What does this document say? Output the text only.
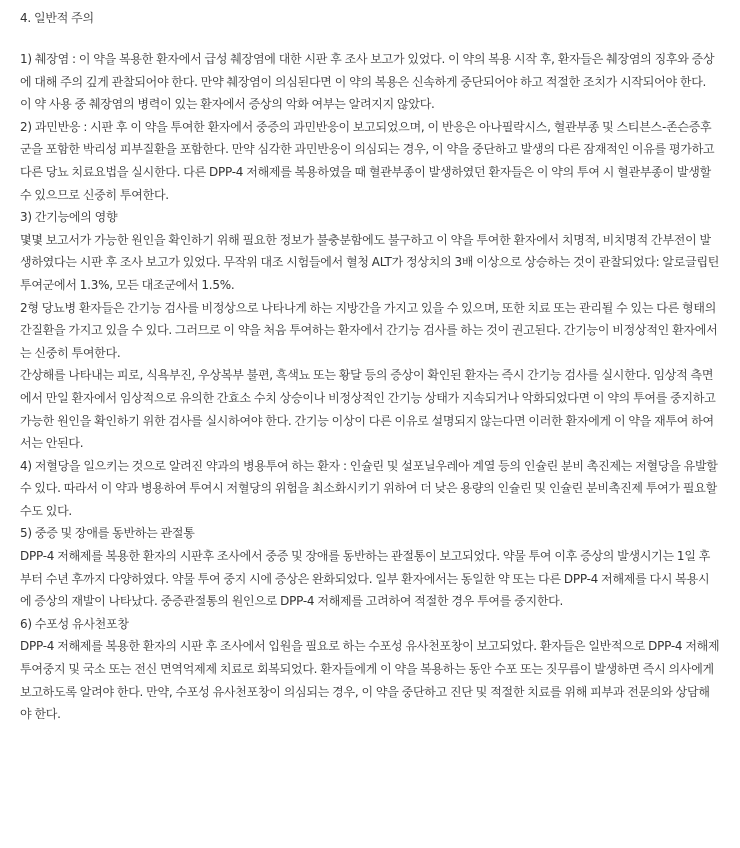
4. 일반적 주의

1) 췌장염 : 이 약을 복용한 환자에서 급성 췌장염에 대한 시판 후 조사 보고가 있었다. 이 약의 복용 시작 후, 환자들은 췌장염의 징후와 증상에 대해 주의 깊게 관찰되어야 한다. 만약 췌장염이 의심된다면 이 약의 복용은 신속하게 중단되어야 하고 적절한 조치가 시작되어야 한다. 이 약 사용 중 췌장염의 병력이 있는 환자에서 증상의 악화 여부는 알려지지 않았다.

2) 과민반응 : 시판 후 이 약을 투여한 환자에서 중증의 과민반응이 보고되었으며, 이 반응은 아나필락시스, 혈관부종 및 스티븐스-존슨증후군을 포함한 박리성 피부질환을 포함한다. 만약 심각한 과민반응이 의심되는 경우, 이 약을 중단하고 발생의 다른 잠재적인 이유를 평가하고 다른 당뇨 치료요법을 실시한다. 다른 DPP-4 저해제를 복용하였을 때 혈관부종이 발생하였던 환자들은 이 약의 투여 시 혈관부종이 발생할 수 있으므로 신중히 투여한다.

3) 간기능에의 영향

몇몇 보고서가 가능한 원인을 확인하기 위해 필요한 정보가 불충분함에도 불구하고 이 약을 투여한 환자에서 치명적, 비치명적 간부전이 발생하였다는 시판 후 조사 보고가 있었다. 무작위 대조 시험들에서 혈청 ALT가 정상치의 3배 이상으로 상승하는 것이 관찰되었다: 알로글립틴 투여군에서 1.3%, 모든 대조군에서 1.5%.

2형 당뇨병 환자들은 간기능 검사를 비정상으로 나타나게 하는 지방간을 가지고 있을 수 있으며, 또한 치료 또는 관리될 수 있는 다른 형태의 간질환을 가지고 있을 수 있다. 그러므로 이 약을 처음 투여하는 환자에서 간기능 검사를 하는 것이 권고된다. 간기능이 비정상적인 환자에서는 신중히 투여한다.

간상해를 나타내는 피로, 식욕부진, 우상복부 불편, 흑색뇨 또는 황달 등의 증상이 확인된 환자는 즉시 간기능 검사를 실시한다. 임상적 측면에서 만일 환자에서 임상적으로 유의한 간효소 수치 상승이나 비정상적인 간기능 상태가 지속되거나 악화되었다면 이 약의 투여를 중지하고 가능한 원인을 확인하기 위한 검사를 실시하여야 한다. 간기능 이상이 다른 이유로 설명되지 않는다면 이러한 환자에게 이 약을 재투여 하여서는 안된다.

4) 저혈당을 일으키는 것으로 알려진 약과의 병용투여 하는 환자 : 인슐린 및 설포닐우레아 계열 등의 인슐린 분비 촉진제는 저혈당을 유발할 수 있다. 따라서 이 약과 병용하여 투여시 저혈당의 위험을 최소화시키기 위하여 더 낮은 용량의 인슐린 및 인슐린 분비촉진제 투여가 필요할 수도 있다.

5) 중증 및 장애를 동반하는 관절통

DPP-4 저해제를 복용한 환자의 시판후 조사에서 중증 및 장애를 동반하는 관절통이 보고되었다. 약물 투여 이후 증상의 발생시기는 1일 후부터 수년 후까지 다양하였다. 약물 투여 중지 시에 증상은 완화되었다. 일부 환자에서는 동일한 약 또는 다른 DPP-4 저해제를 다시 복용시에 증상의 재발이 나타났다. 중증관절통의 원인으로 DPP-4 저해제를 고려하여 적절한 경우 투여를 중지한다.

6) 수포성 유사천포창

DPP-4 저해제를 복용한 환자의 시판 후 조사에서 입원을 필요로 하는 수포성 유사천포창이 보고되었다. 환자들은 일반적으로 DPP-4 저해제 투여중지 및 국소 또는 전신 면역억제제 치료로 회복되었다. 환자들에게 이 약을 복용하는 동안 수포 또는 짓무름이 발생하면 즉시 의사에게 보고하도록 알려야 한다. 만약, 수포성 유사천포창이 의심되는 경우, 이 약을 중단하고 진단 및 적절한 치료를 위해 피부과 전문의와 상담해야 한다.
